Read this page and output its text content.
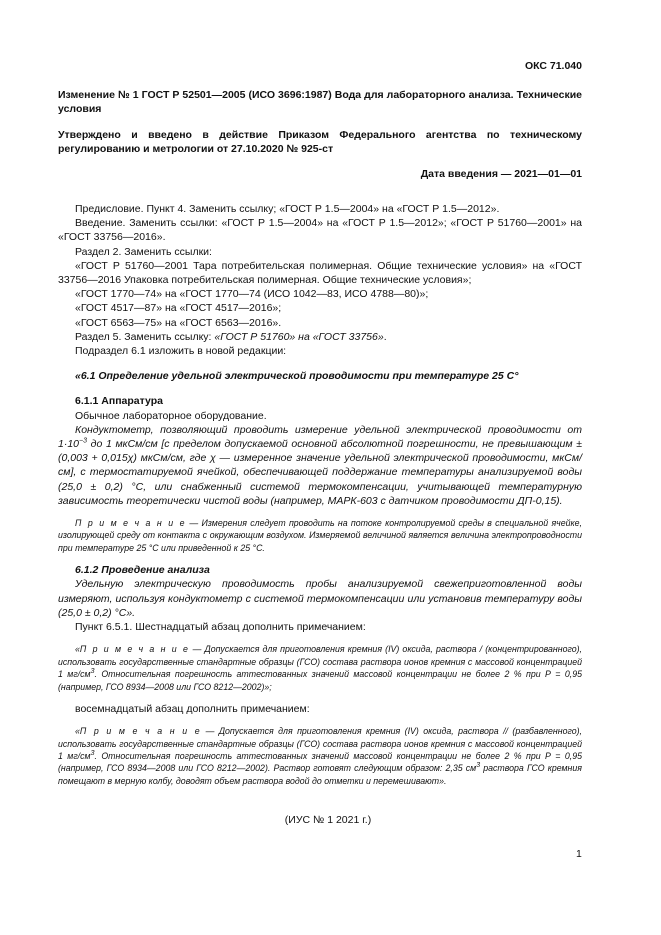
ОКС 71.040

Изменение № 1 ГОСТ Р 52501—2005 (ИСО 3696:1987) Вода для лабораторного анализа. Технические условия

Утверждено и введено в действие Приказом Федерального агентства по техническому регулированию и метрологии от 27.10.2020 № 925-ст

Дата введения — 2021—01—01

Предисловие. Пункт 4. Заменить ссылку; «ГОСТ Р 1.5—2004» на «ГОСТ Р 1.5—2012».

Введение. Заменить ссылки: «ГОСТ Р 1.5—2004» на «ГОСТ Р 1.5—2012»; «ГОСТ Р 51760—2001» на «ГОСТ 33756—2016».

Раздел 2. Заменить ссылки:

«ГОСТ Р 51760—2001 Тара потребительская полимерная. Общие технические условия» на «ГОСТ 33756—2016 Упаковка потребительская полимерная. Общие технические условия»;

«ГОСТ 1770—74» на «ГОСТ 1770—74 (ИСО 1042—83, ИСО 4788—80)»;

«ГОСТ 4517—87» на «ГОСТ 4517—2016»;

«ГОСТ 6563—75» на «ГОСТ 6563—2016».

Раздел 5. Заменить ссылку: «ГОСТ Р 51760» на «ГОСТ 33756».

Подраздел 6.1 изложить в новой редакции:

«6.1 Определение удельной электрической проводимости при температуре 25 С°

6.1.1 Аппаратура

Обычное лабораторное оборудование.

Кондуктометр, позволяющий проводить измерение удельной электрической проводимости от $1\cdot 10^{-3}$ до 1 мкСм/см [с пределом допускаемой основной абсолютной погрешности, не превышающим ± (0,003 + 0,015χ) мкСм/см, где χ — измеренное значение удельной электрической проводимости, мкСм/см], с термостатируемой ячейкой, обеспечивающей поддержание температуры анализируемой воды (25,0 ± 0,2) °С, или снабженный системой термокомпенсации, учитывающей температурную зависимость теоретически чистой воды (например, МАРК-603 с датчиком проводимости ДП-0,15).

П р и м е ч а н и е — Измерения следует проводить на потоке контролируемой среды в специальной ячейке, изолирующей среду от контакта с окружающим воздухом. Измеряемой величиной является величина электропроводности при температуре 25 °С или приведенной к 25 °С.

6.1.2 Проведение анализа

Удельную электрическую проводимость пробы анализируемой свежеприготовленной воды измеряют, используя кондуктометр с системой термокомпенсации или установив температуру воды (25,0 ± 0,2) °С».

Пункт 6.5.1. Шестнадцатый абзац дополнить примечанием:

«П р и м е ч а н и е — Допускается для приготовления кремния (IV) оксида, раствора / (концентрированного), использовать государственные стандартные образцы (ГСО) состава раствора ионов кремния с массовой концентрацией 1 $мг/см^3$. Относительная погрешность аттестованных значений массовой концентрации не более 2 % при Р = 0,95 (например, ГСО 8934—2008 или ГСО 8212—2002)»;

восемнадцатый абзац дополнить примечанием:

«П р и м е ч а н и е — Допускается для приготовления кремния (IV) оксида, раствора // (разбавленного), использовать государственные стандартные образцы (ГСО) состава раствора ионов кремния с массовой концентрацией 1 $мг/см^3$. Относительная погрешность аттестованных значений массовой концентрации не более 2 % при Р = 0,95 (например, ГСО 8934—2008 или ГСО 8212—2002). Раствор готовят следующим образом: 2,35 $см^3$ раствора ГСО кремния помещают в мерную колбу, доводят объем раствора водой до отметки и перемешивают».

(ИУС № 1 2021 г.)

1
